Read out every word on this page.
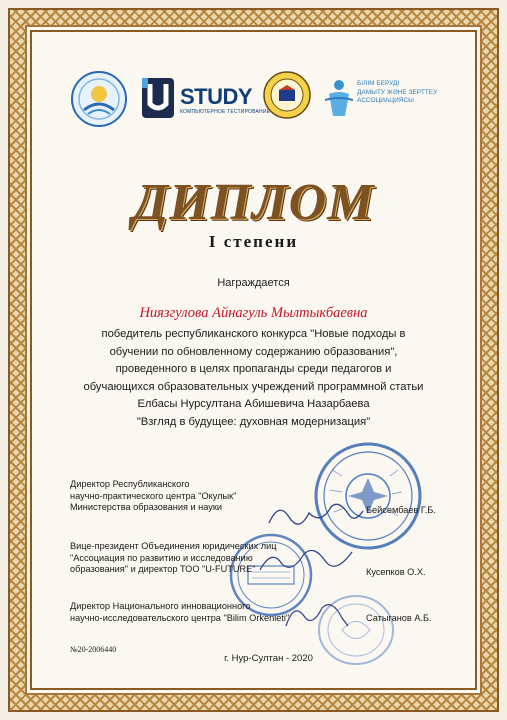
STUDY
КОМПЬЮТЕРНОЕ ТЕСТИРОВАНИЕ
БІЛІМ БЕРУДІ
ДАМЫТУ ЖӘНЕ ЗЕРТТЕУ
АССОЦИАЦИЯСЫ
ДИПЛОМ
I степени
Награждается
Ниязгулова Айнагуль Мылтыкбаевна
победитель республиканского конкурса "Новые подходы в
обучении по обновленному содержанию образования",
проведенного в целях пропаганды среди педагогов и
обучающихся образовательных учреждений программной статьи
Елбасы Нурсултана Абишевича Назарбаева
"Взгляд в будущее: духовная модернизация"
Директор Республиканского
научно-практического центра "Окулык"
Министерства образования и науки	Бейсембаев Г.Б.
Вице-президент Объединения юридических лиц
"Ассоциация по развитию и исследованию
образования" и директор ТОО "U-FUTURE"	Кусепков О.Х.
Директор Национального инновационного
научно-исследовательского центра "Bilim Orkenieti"	Сатыганов А.Б.
№20-2006440
г. Нур-Султан - 2020
